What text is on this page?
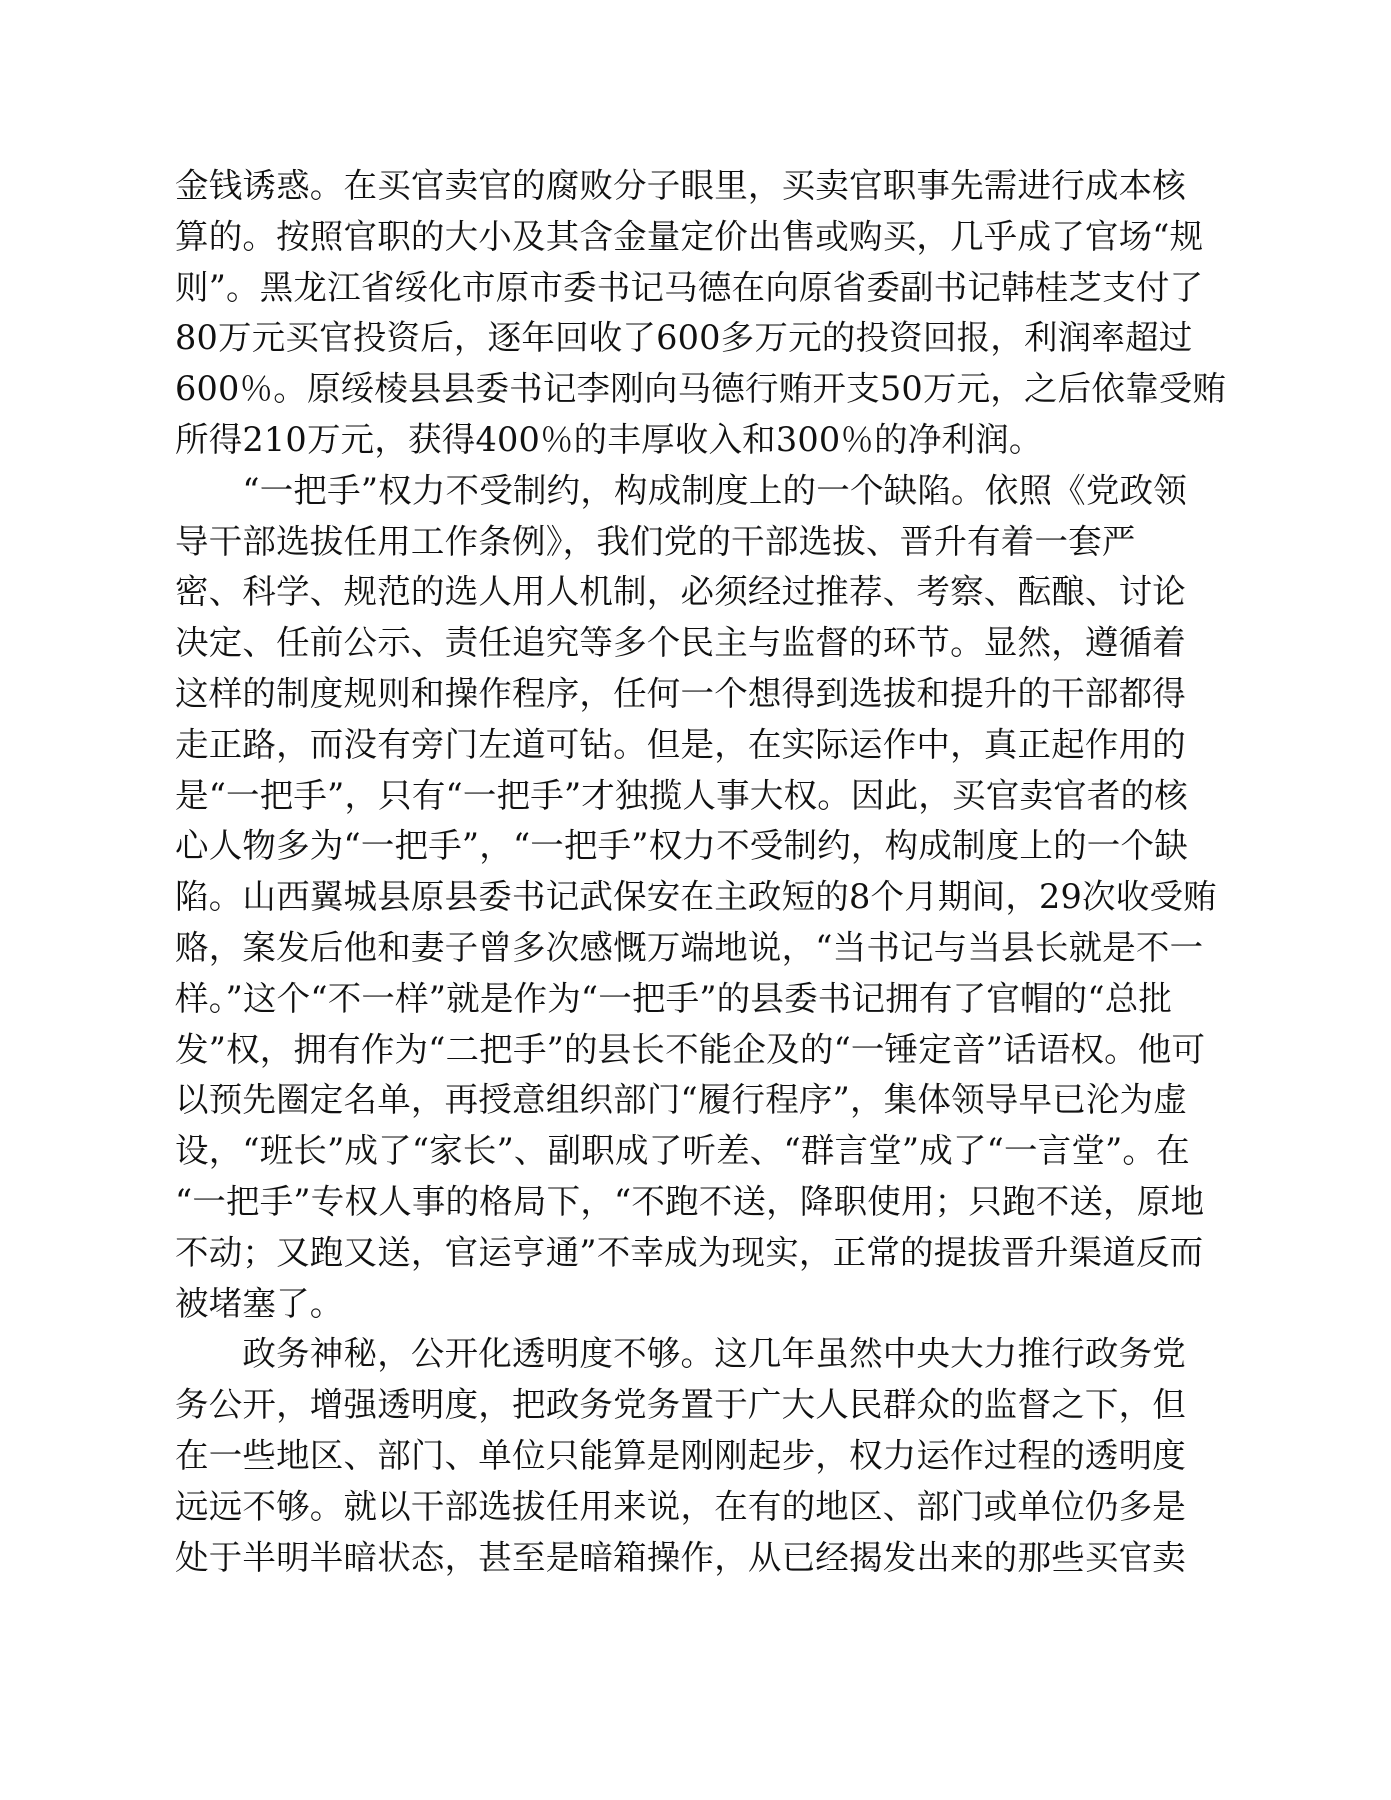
金钱诱惑。在买官卖官的腐败分子眼里，买卖官职事先需进行成本核
算的。按照官职的大小及其含金量定价出售或购买，几乎成了官场“规
则”。黑龙江省绥化市原市委书记马德在向原省委副书记韩桂芝支付了
80万元买官投资后，逐年回收了600多万元的投资回报，利润率超过
600％。原绥棱县县委书记李刚向马德行贿开支50万元，之后依靠受贿
所得210万元，获得400％的丰厚收入和300％的净利润。
　　“一把手”权力不受制约，构成制度上的一个缺陷。依照《党政领
导干部选拔任用工作条例》，我们党的干部选拔、晋升有着一套严
密、科学、规范的选人用人机制，必须经过推荐、考察、酝酿、讨论
决定、任前公示、责任追究等多个民主与监督的环节。显然，遵循着
这样的制度规则和操作程序，任何一个想得到选拔和提升的干部都得
走正路，而没有旁门左道可钻。但是，在实际运作中，真正起作用的
是“一把手”，只有“一把手”才独揽人事大权。因此，买官卖官者的核
心人物多为“一把手”，“一把手”权力不受制约，构成制度上的一个缺
陷。山西翼城县原县委书记武保安在主政短的8个月期间，29次收受贿
赂，案发后他和妻子曾多次感慨万端地说，“当书记与当县长就是不一
样。”这个“不一样”就是作为“一把手”的县委书记拥有了官帽的“总批
发”权，拥有作为“二把手”的县长不能企及的“一锤定音”话语权。他可
以预先圈定名单，再授意组织部门“履行程序”，集体领导早已沦为虚
设，“班长”成了“家长”、副职成了听差、“群言堂”成了“一言堂”。在
“一把手”专权人事的格局下，“不跑不送，降职使用；只跑不送，原地
不动；又跑又送，官运亨通”不幸成为现实，正常的提拔晋升渠道反而
被堵塞了。
　　政务神秘，公开化透明度不够。这几年虽然中央大力推行政务党
务公开，增强透明度，把政务党务置于广大人民群众的监督之下，但
在一些地区、部门、单位只能算是刚刚起步，权力运作过程的透明度
远远不够。就以干部选拔任用来说，在有的地区、部门或单位仍多是
处于半明半暗状态，甚至是暗箱操作，从已经揭发出来的那些买官卖
